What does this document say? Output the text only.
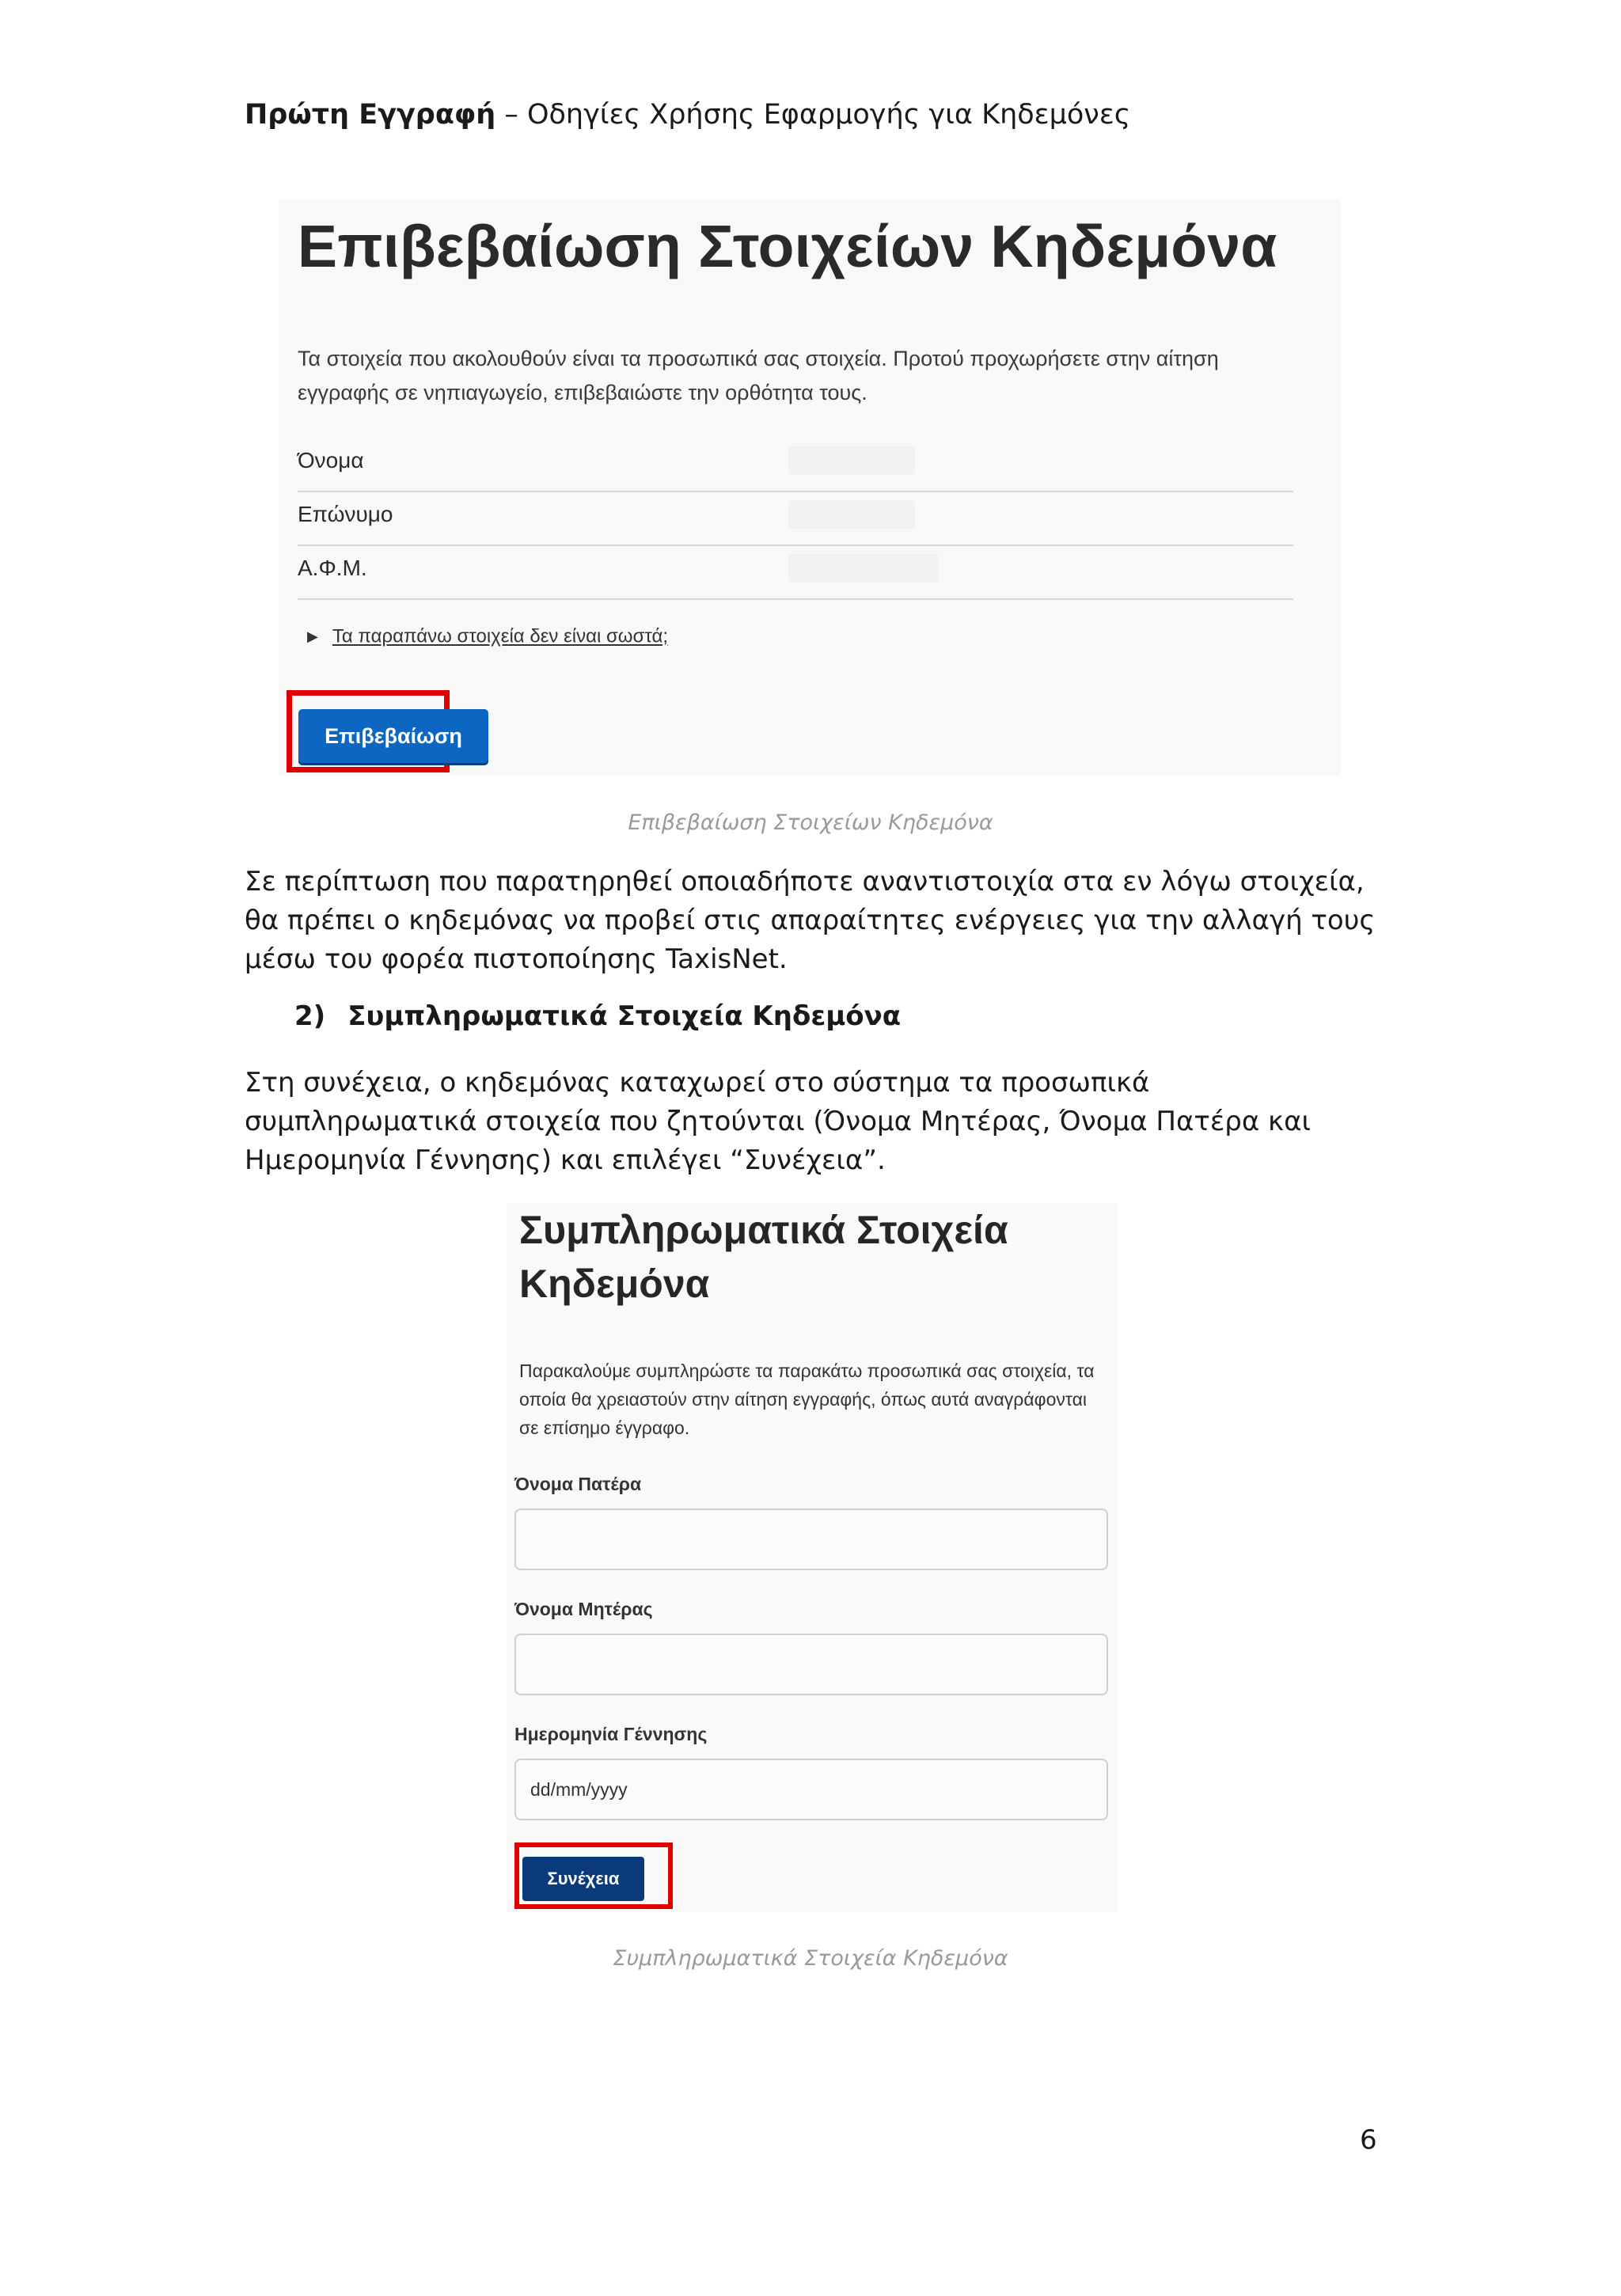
Πρώτη Εγγραφή – Οδηγίες Χρήσης Εφαρμογής για Κηδεμόνες
Επιβεβαίωση Στοιχείων Κηδεμόνα
Τα στοιχεία που ακολουθούν είναι τα προσωπικά σας στοιχεία. Προτού προχωρήσετε στην αίτηση εγγραφής σε νηπιαγωγείο, επιβεβαιώστε την ορθότητα τους.
Όνομα
Επώνυμο
Α.Φ.Μ.
▶ Τα παραπάνω στοιχεία δεν είναι σωστά;
Επιβεβαίωση
Επιβεβαίωση Στοιχείων Κηδεμόνα
Σε περίπτωση που παρατηρηθεί οποιαδήποτε αναντιστοιχία στα εν λόγω στοιχεία, θα πρέπει ο κηδεμόνας να προβεί στις απαραίτητες ενέργειες για την αλλαγή τους μέσω του φορέα πιστοποίησης TaxisNet.
2) Συμπληρωματικά Στοιχεία Κηδεμόνα
Στη συνέχεια, ο κηδεμόνας καταχωρεί στο σύστημα τα προσωπικά συμπληρωματικά στοιχεία που ζητούνται (Όνομα Μητέρας, Όνομα Πατέρα και Ημερομηνία Γέννησης) και επιλέγει “Συνέχεια”.
Συμπληρωματικά Στοιχεία Κηδεμόνα
Παρακαλούμε συμπληρώστε τα παρακάτω προσωπικά σας στοιχεία, τα οποία θα χρειαστούν στην αίτηση εγγραφής, όπως αυτά αναγράφονται σε επίσημο έγγραφο.
Όνομα Πατέρα
Όνομα Μητέρας
Ημερομηνία Γέννησης
dd/mm/yyyy
Συνέχεια
Συμπληρωματικά Στοιχεία Κηδεμόνα
6
